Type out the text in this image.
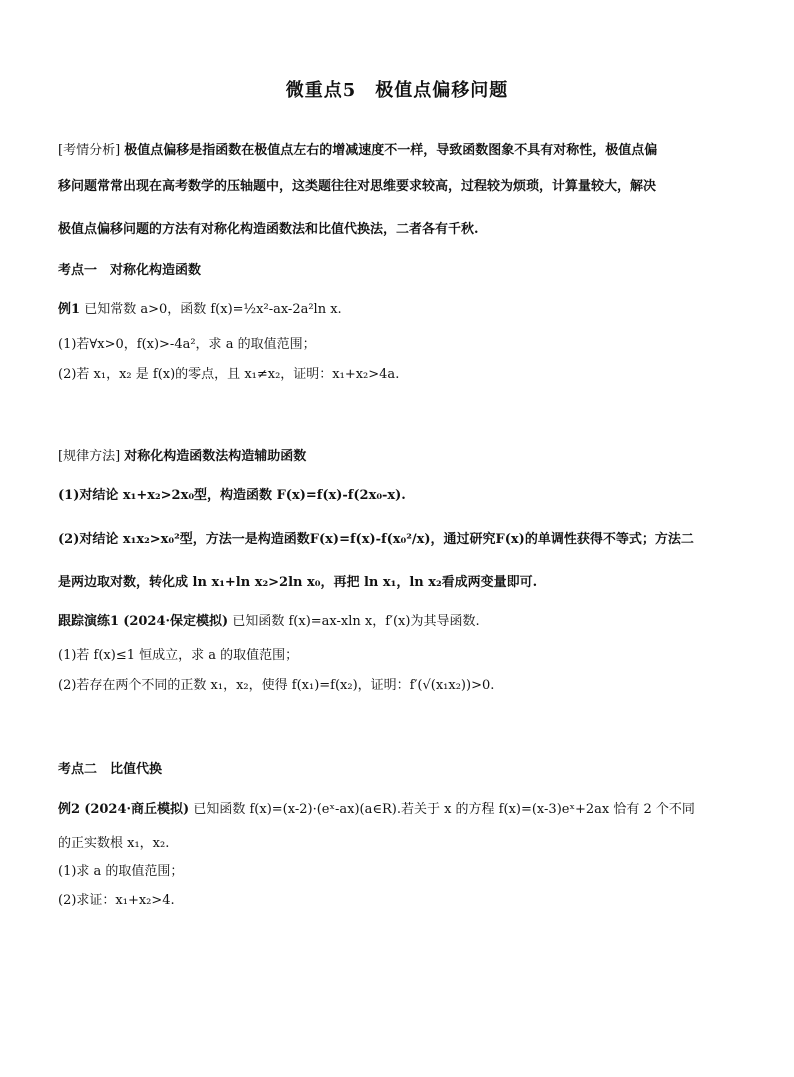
微重点5　极值点偏移问题
[考情分析] 极值点偏移是指函数在极值点左右的增减速度不一样，导致函数图象不具有对称性，极值点偏
移问题常常出现在高考数学的压轴题中，这类题往往对思维要求较高，过程较为烦琐，计算量较大，解决
极值点偏移问题的方法有对称化构造函数法和比值代换法，二者各有千秋.
考点一　对称化构造函数
例1 已知常数 a>0，函数 f(x)=½x²-ax-2a²ln x.
(1)若∀x>0，f(x)>-4a²，求 a 的取值范围；
(2)若 x₁，x₂ 是 f(x)的零点，且 x₁≠x₂，证明：x₁+x₂>4a.
[规律方法] 对称化构造函数法构造辅助函数
(1)对结论 x₁+x₂>2x₀型，构造函数 F(x)=f(x)-f(2x₀-x).
(2)对结论 x₁x₂>x₀²型，方法一是构造函数F(x)=f(x)-f(x₀²/x)，通过研究F(x)的单调性获得不等式；方法二
是两边取对数，转化成 ln x₁+ln x₂>2ln x₀，再把 ln x₁，ln x₂看成两变量即可.
跟踪演练1 (2024·保定模拟) 已知函数 f(x)=ax-xln x，f′(x)为其导函数.
(1)若 f(x)≤1 恒成立，求 a 的取值范围；
(2)若存在两个不同的正数 x₁，x₂，使得 f(x₁)=f(x₂)，证明：f′(√(x₁x₂))>0.
考点二　比值代换
例2 (2024·商丘模拟) 已知函数 f(x)=(x-2)·(eˣ-ax)(a∈R).若关于 x 的方程 f(x)=(x-3)eˣ+2ax 恰有 2 个不同
的正实数根 x₁，x₂.
(1)求 a 的取值范围；
(2)求证：x₁+x₂>4.
